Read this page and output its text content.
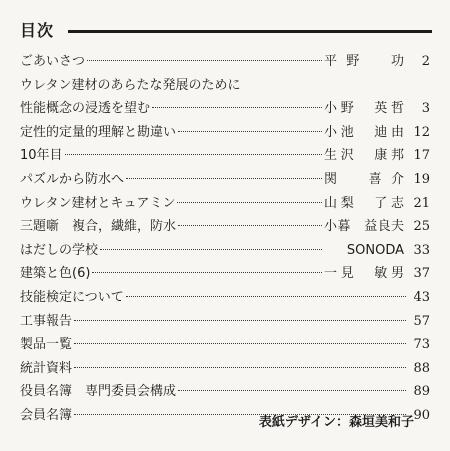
目次
ごあいさつ	平野　功	2
ウレタン建材のあらたな発展のために
性能概念の浸透を望む	小野　英哲	3
定性的定量的理解と勘違い	小池　迪由 12
10年目	生沢　康邦 17
パズルから防水へ	関　喜介 19
ウレタン建材とキュアミン	山梨　了志 21
三題噺　複合，繊維，防水	小暮　益良夫 25
はだしの学校	SONODA 33
建築と色(6)	一見　敏男 37
技能検定について	43
工事報告	57
製品一覧	73
統計資料	88
役員名簿　専門委員会構成	89
会員名簿	90
表紙デザイン：森垣美和子
